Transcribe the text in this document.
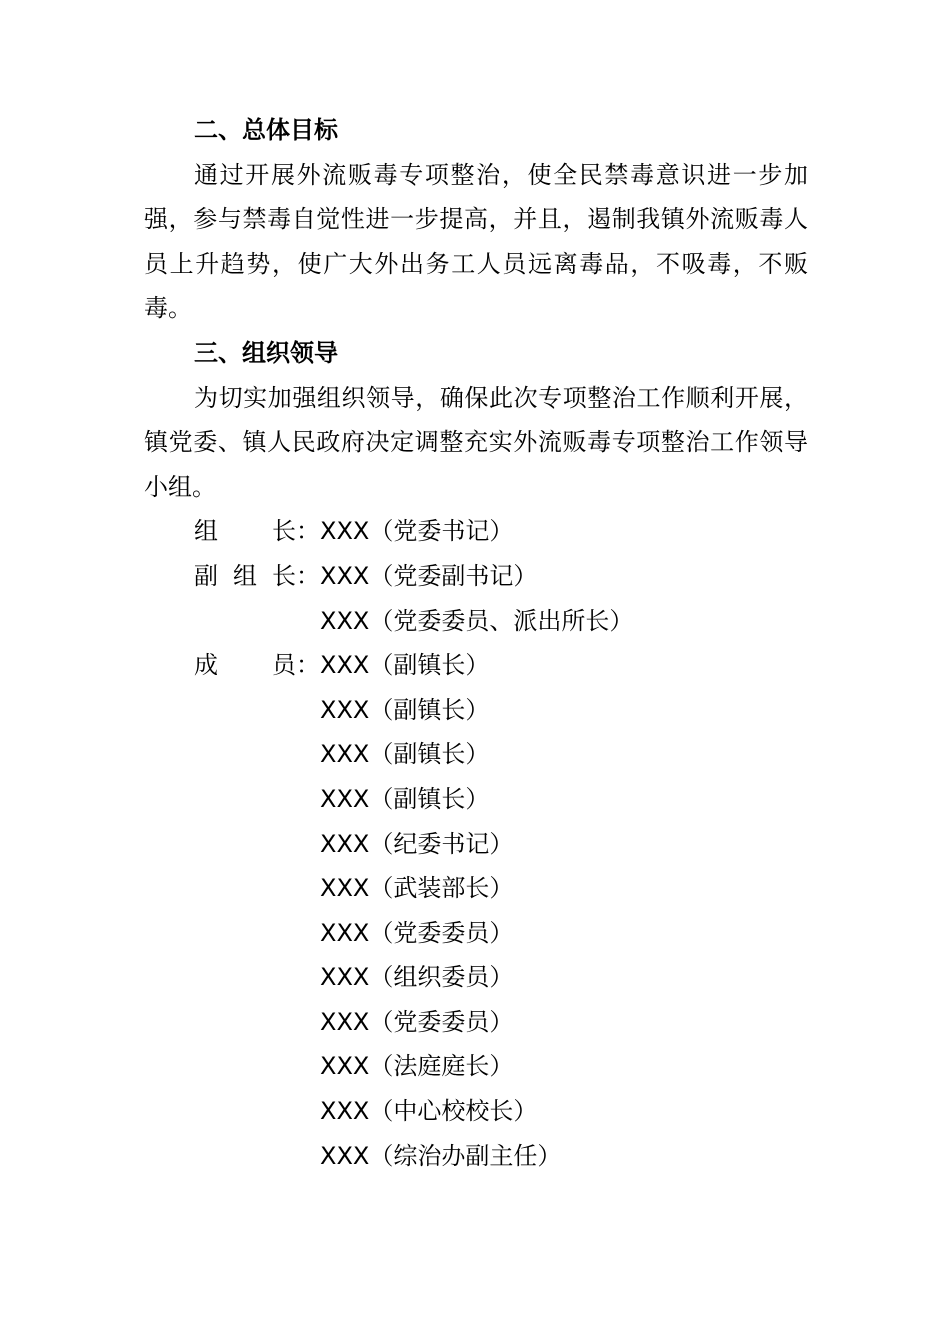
二、总体目标

通过开展外流贩毒专项整治，使全民禁毒意识进一步加强，参与禁毒自觉性进一步提高，并且，遏制我镇外流贩毒人员上升趋势，使广大外出务工人员远离毒品，不吸毒，不贩毒。

三、组织领导

为切实加强组织领导，确保此次专项整治工作顺利开展，镇党委、镇人民政府决定调整充实外流贩毒专项整治工作领导小组。

组 长： XXX（党委书记）
副 组 长： XXX（党委副书记）
XXX（党委委员、派出所长）
成 员： XXX（副镇长）
XXX（副镇长）
XXX（副镇长）
XXX（副镇长）
XXX（纪委书记）
XXX（武装部长）
XXX（党委委员）
XXX（组织委员）
XXX（党委委员）
XXX（法庭庭长）
XXX（中心校校长）
XXX（综治办副主任）
